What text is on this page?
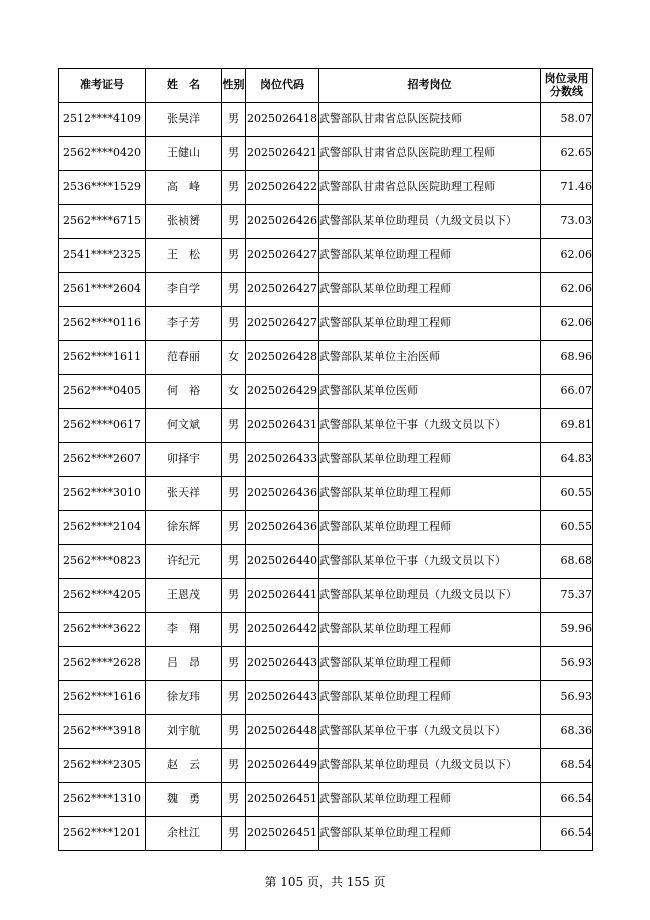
准考证号	姓　名	性别	岗位代码	招考岗位	岗位录用分数线
2512****4109	张昊洋	男	2025026418	武警部队甘肃省总队医院技师	58.07
2562****0420	王健山	男	2025026421	武警部队甘肃省总队医院助理工程师	62.65
2536****1529	高　峰	男	2025026422	武警部队甘肃省总队医院助理工程师	71.46
2562****6715	张祯赟	男	2025026426	武警部队某单位助理员（九级文员以下）	73.03
2541****2325	王　松	男	2025026427	武警部队某单位助理工程师	62.06
2561****2604	李自学	男	2025026427	武警部队某单位助理工程师	62.06
2562****0116	李子芳	男	2025026427	武警部队某单位助理工程师	62.06
2562****1611	范春丽	女	2025026428	武警部队某单位主治医师	68.96
2562****0405	何　裕	女	2025026429	武警部队某单位医师	66.07
2562****0617	何文斌	男	2025026431	武警部队某单位干事（九级文员以下）	69.81
2562****2607	卯择宇	男	2025026433	武警部队某单位助理工程师	64.83
2562****3010	张天祥	男	2025026436	武警部队某单位助理工程师	60.55
2562****2104	徐东辉	男	2025026436	武警部队某单位助理工程师	60.55
2562****0823	许纪元	男	2025026440	武警部队某单位干事（九级文员以下）	68.68
2562****4205	王恩茂	男	2025026441	武警部队某单位助理员（九级文员以下）	75.37
2562****3622	李　翔	男	2025026442	武警部队某单位助理工程师	59.96
2562****2628	吕　昂	男	2025026443	武警部队某单位助理工程师	56.93
2562****1616	徐友玮	男	2025026443	武警部队某单位助理工程师	56.93
2562****3918	刘宇航	男	2025026448	武警部队某单位干事（九级文员以下）	68.36
2562****2305	赵　云	男	2025026449	武警部队某单位助理员（九级文员以下）	68.54
2562****1310	魏　勇	男	2025026451	武警部队某单位助理工程师	66.54
2562****1201	余杜江	男	2025026451	武警部队某单位助理工程师	66.54
第 105 页，共 155 页
